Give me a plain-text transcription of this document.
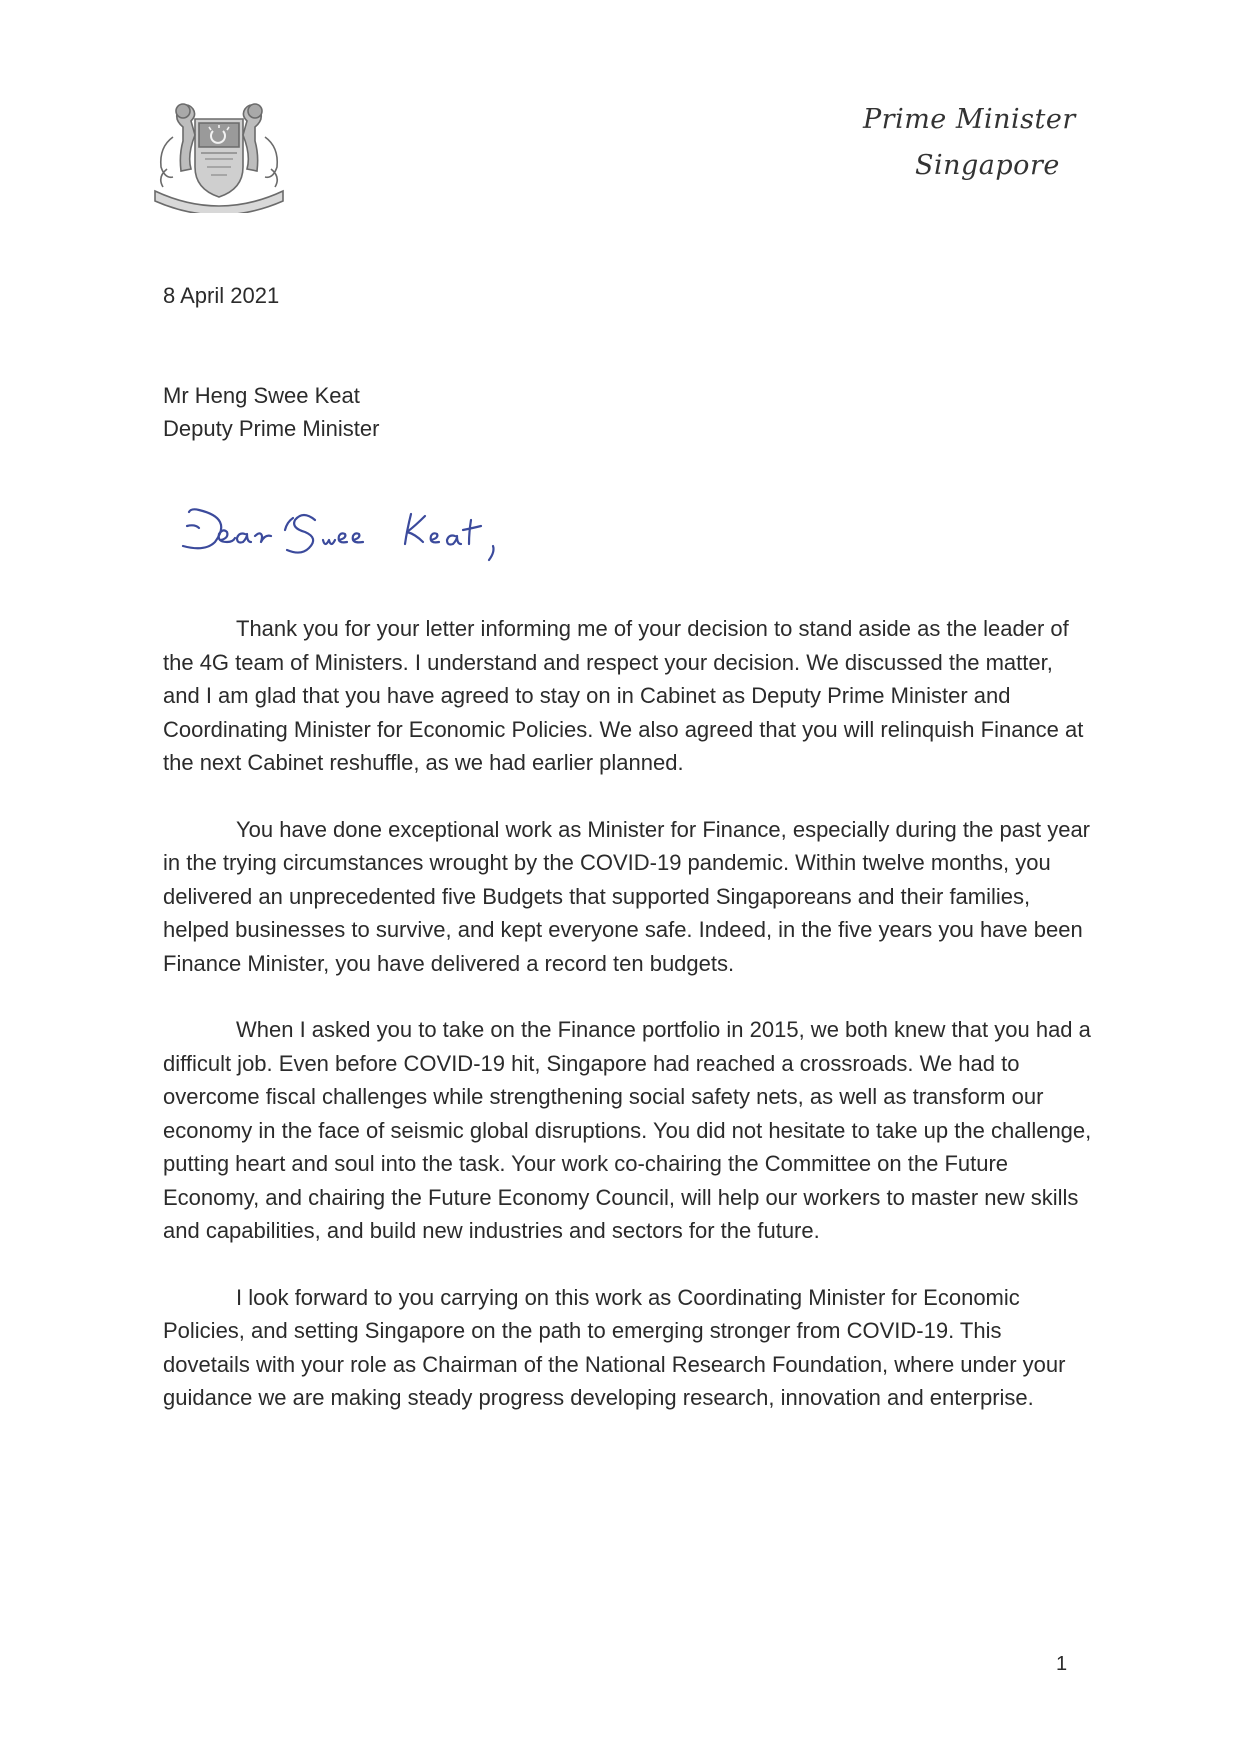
Prime Minister
Singapore
8 April 2021
Mr Heng Swee Keat
Deputy Prime Minister

Thank you for your letter informing me of your decision to stand aside as the leader of the 4G team of Ministers. I understand and respect your decision. We discussed the matter, and I am glad that you have agreed to stay on in Cabinet as Deputy Prime Minister and Coordinating Minister for Economic Policies. We also agreed that you will relinquish Finance at the next Cabinet reshuffle, as we had earlier planned.

You have done exceptional work as Minister for Finance, especially during the past year in the trying circumstances wrought by the COVID-19 pandemic. Within twelve months, you delivered an unprecedented five Budgets that supported Singaporeans and their families, helped businesses to survive, and kept everyone safe. Indeed, in the five years you have been Finance Minister, you have delivered a record ten budgets.

When I asked you to take on the Finance portfolio in 2015, we both knew that you had a difficult job. Even before COVID-19 hit, Singapore had reached a crossroads. We had to overcome fiscal challenges while strengthening social safety nets, as well as transform our economy in the face of seismic global disruptions. You did not hesitate to take up the challenge, putting heart and soul into the task. Your work co-chairing the Committee on the Future Economy, and chairing the Future Economy Council, will help our workers to master new skills and capabilities, and build new industries and sectors for the future.

I look forward to you carrying on this work as Coordinating Minister for Economic Policies, and setting Singapore on the path to emerging stronger from COVID-19. This dovetails with your role as Chairman of the National Research Foundation, where under your guidance we are making steady progress developing research, innovation and enterprise.

1
